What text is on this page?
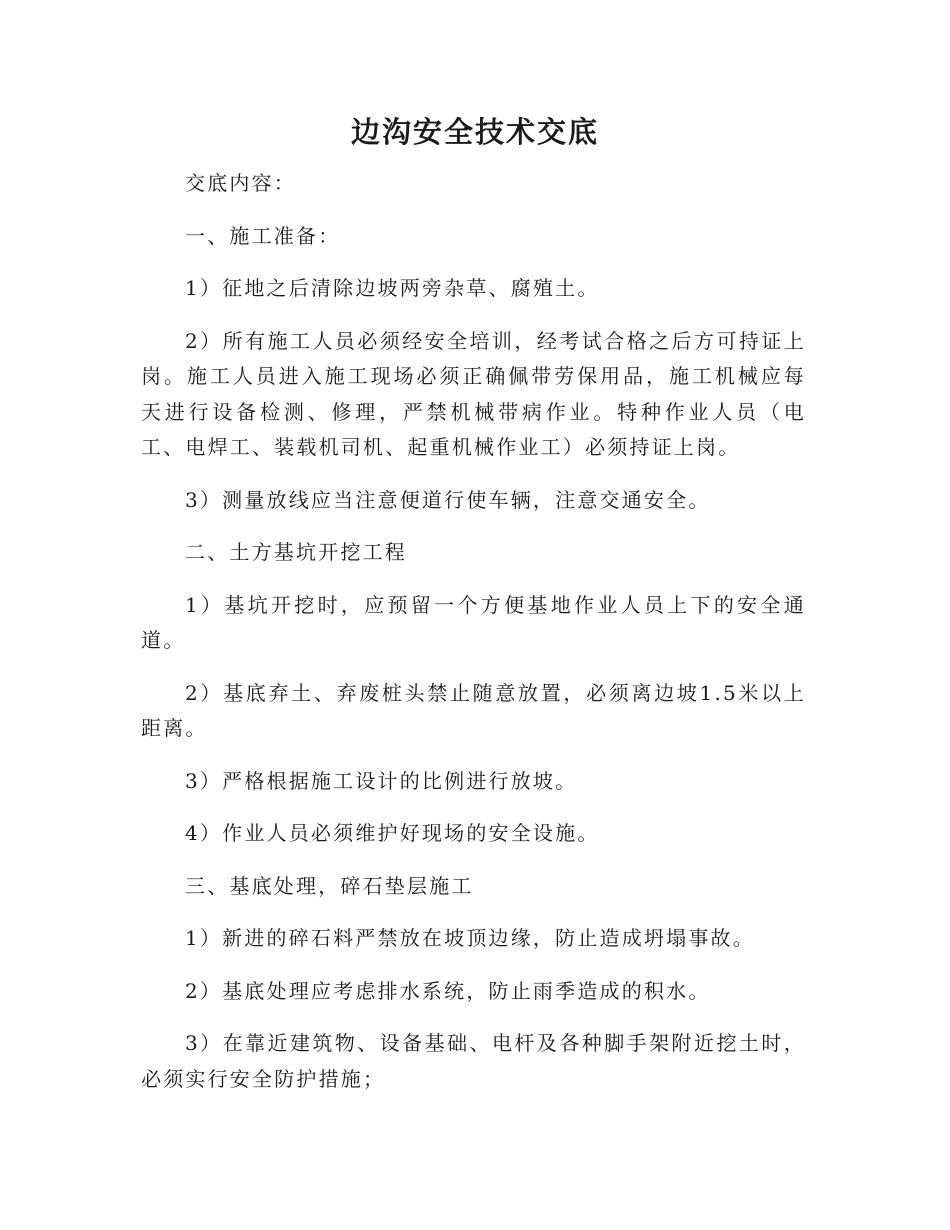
边沟安全技术交底

交底内容：

一、施工准备：

1）征地之后清除边坡两旁杂草、腐殖土。

2）所有施工人员必须经安全培训，经考试合格之后方可持证上岗。施工人员进入施工现场必须正确佩带劳保用品，施工机械应每天进行设备检测、修理，严禁机械带病作业。特种作业人员（电工、电焊工、装载机司机、起重机械作业工）必须持证上岗。

3）测量放线应当注意便道行使车辆，注意交通安全。

二、土方基坑开挖工程

1）基坑开挖时，应预留一个方便基地作业人员上下的安全通道。

2）基底弃土、弃废桩头禁止随意放置，必须离边坡1.5米以上距离。

3）严格根据施工设计的比例进行放坡。

4）作业人员必须维护好现场的安全设施。

三、基底处理，碎石垫层施工

1）新进的碎石料严禁放在坡顶边缘，防止造成坍塌事故。

2）基底处理应考虑排水系统，防止雨季造成的积水。

3）在靠近建筑物、设备基础、电杆及各种脚手架附近挖土时，必须实行安全防护措施；
